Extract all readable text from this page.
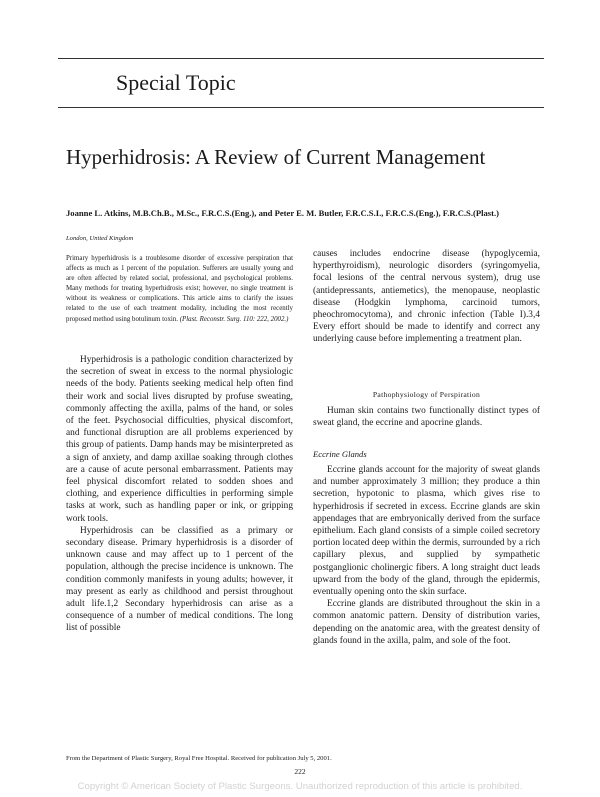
Special Topic
Hyperhidrosis: A Review of Current Management
Joanne L. Atkins, M.B.Ch.B., M.Sc., F.R.C.S.(Eng.), and Peter E. M. Butler, F.R.C.S.I., F.R.C.S.(Eng.), F.R.C.S.(Plast.)
London, United Kingdom

Primary hyperhidrosis is a troublesome disorder of excessive perspiration that affects as much as 1 percent of the population. Sufferers are usually young and are often affected by related social, professional, and psychological problems. Many methods for treating hyperhidrosis exist; however, no single treatment is without its weakness or complications. This article aims to clarify the issues related to the use of each treatment modality, including the most recently proposed method using botulinum toxin. (Plast. Reconstr. Surg. 110: 222, 2002.)

Hyperhidrosis is a pathologic condition characterized by the secretion of sweat in excess to the normal physiologic needs of the body. Patients seeking medical help often find their work and social lives disrupted by profuse sweating, commonly affecting the axilla, palms of the hand, or soles of the feet. Psychosocial difficulties, physical discomfort, and functional disruption are all problems experienced by this group of patients. Damp hands may be misinterpreted as a sign of anxiety, and damp axillae soaking through clothes are a cause of acute personal embarrassment. Patients may feel physical discomfort related to sodden shoes and clothing, and experience difficulties in performing simple tasks at work, such as handling paper or ink, or gripping work tools.

Hyperhidrosis can be classified as a primary or secondary disease. Primary hyperhidrosis is a disorder of unknown cause and may affect up to 1 percent of the population, although the precise incidence is unknown. The condition commonly manifests in young adults; however, it may present as early as childhood and persist throughout adult life.1,2 Secondary hyperhidrosis can arise as a consequence of a number of medical conditions. The long list of possible

causes includes endocrine disease (hypoglycemia, hyperthyroidism), neurologic disorders (syringomyelia, focal lesions of the central nervous system), drug use (antidepressants, antiemetics), the menopause, neoplastic disease (Hodgkin lymphoma, carcinoid tumors, pheochromocytoma), and chronic infection (Table I).3,4 Every effort should be made to identify and correct any underlying cause before implementing a treatment plan.

Pathophysiology of Perspiration

Human skin contains two functionally distinct types of sweat gland, the eccrine and apocrine glands.

Eccrine Glands

Eccrine glands account for the majority of sweat glands and number approximately 3 million; they produce a thin secretion, hypotonic to plasma, which gives rise to hyperhidrosis if secreted in excess. Eccrine glands are skin appendages that are embryonically derived from the surface epithelium. Each gland consists of a simple coiled secretory portion located deep within the dermis, surrounded by a rich capillary plexus, and supplied by sympathetic postganglionic cholinergic fibers. A long straight duct leads upward from the body of the gland, through the epidermis, eventually opening onto the skin surface.

Eccrine glands are distributed throughout the skin in a common anatomic pattern. Density of distribution varies, depending on the anatomic area, with the greatest density of glands found in the axilla, palm, and sole of the foot.

From the Department of Plastic Surgery, Royal Free Hospital. Received for publication July 5, 2001.
222
Copyright © American Society of Plastic Surgeons. Unauthorized reproduction of this article is prohibited.
